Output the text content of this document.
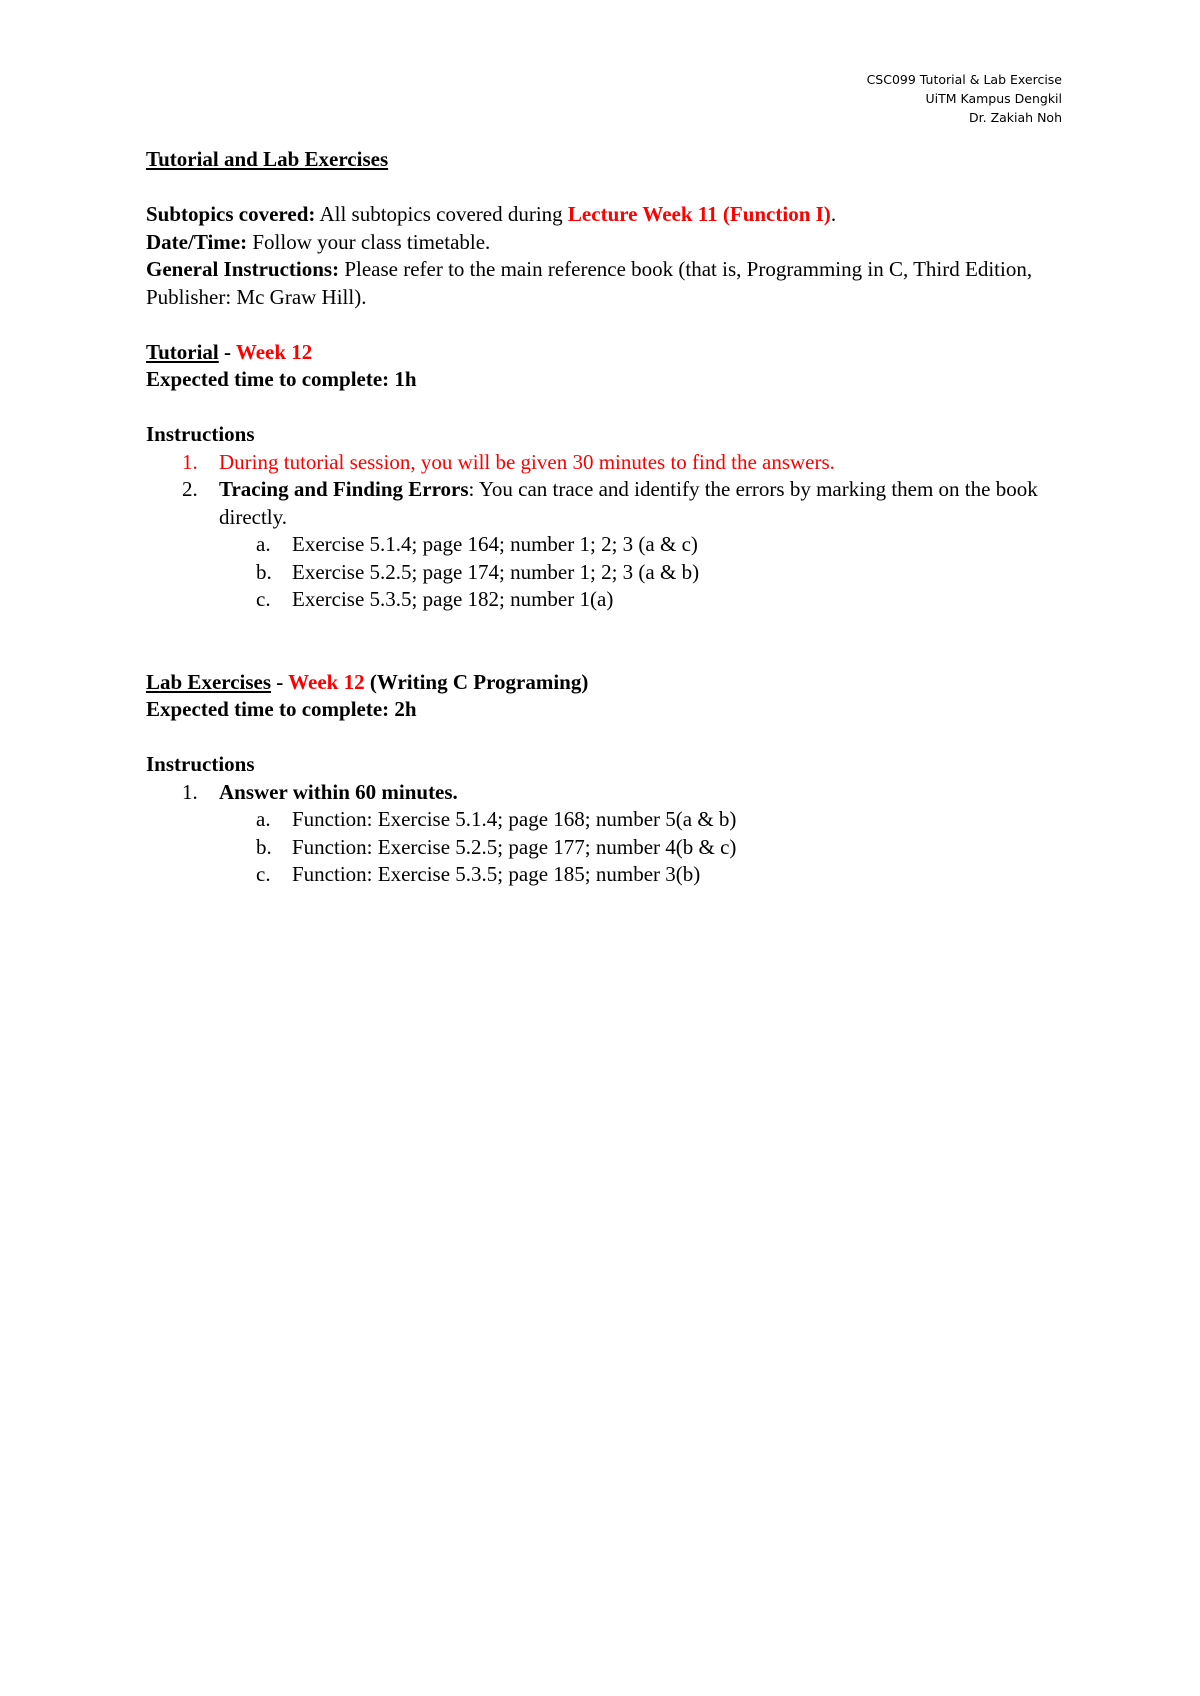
CSC099 Tutorial & Lab Exercise
UiTM Kampus Dengkil
Dr. Zakiah Noh

Tutorial and Lab Exercises

Subtopics covered: All subtopics covered during Lecture Week 11 (Function I).

Date/Time: Follow your class timetable.

General Instructions: Please refer to the main reference book (that is, Programming in C, Third Edition, Publisher: Mc Graw Hill).

Tutorial - Week 12

Expected time to complete: 1h

Instructions

1. During tutorial session, you will be given 30 minutes to find the answers.
2. Tracing and Finding Errors: You can trace and identify the errors by marking them on the book directly.
a. Exercise 5.1.4; page 164; number 1; 2; 3 (a & c)
b. Exercise 5.2.5; page 174; number 1; 2; 3 (a & b)
c. Exercise 5.3.5; page 182; number 1(a)

Lab Exercises - Week 12 (Writing C Programing)

Expected time to complete: 2h

Instructions

1. Answer within 60 minutes.
a. Function: Exercise 5.1.4; page 168; number 5(a & b)
b. Function: Exercise 5.2.5; page 177; number 4(b & c)
c. Function: Exercise 5.3.5; page 185; number 3(b)
